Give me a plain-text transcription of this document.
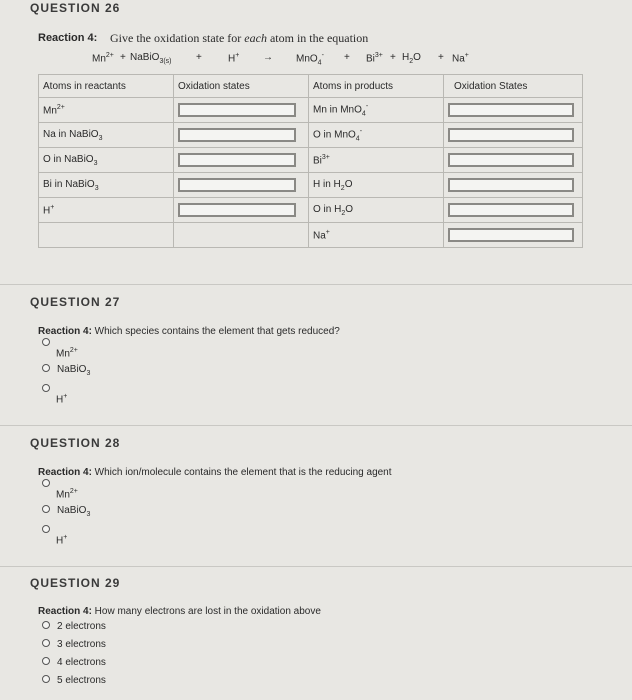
QUESTION 26
Reaction 4: Give the oxidation state for each atom in the equation
$Mn^{2+}$ + NaBiO$_{3(s)}$ +	$H^+ \to MnO_4^- + Bi^{3+} + H_2O + Na^+$
Atoms in reactants	Oxidation states	Atoms in products	Oxidation States
$Mn^{2+}$		Mn in MnO$_4$-	

Na in NaBiO$_3$		O in MnO$_4$-	

O in NaBiO$_3$		$Bi^{3+}$	

Bi in NaBiO$_3$		H in $H_2O$	

H+		O in $H_2O$	

		Na+	
QUESTION 27
Reaction 4: Which species contains the element that gets reduced?
$Mn^{2+}$
NaBiO$_3$
H+
QUESTION 28
Reaction 4: Which ion/molecule contains the element that is the reducing agent
$Mn^{2+}$
NaBiO$_3$
H+
QUESTION 29
Reaction 4: How many electrons are lost in the oxidation above
2 electrons
3 electrons
4 electrons
5 electrons
